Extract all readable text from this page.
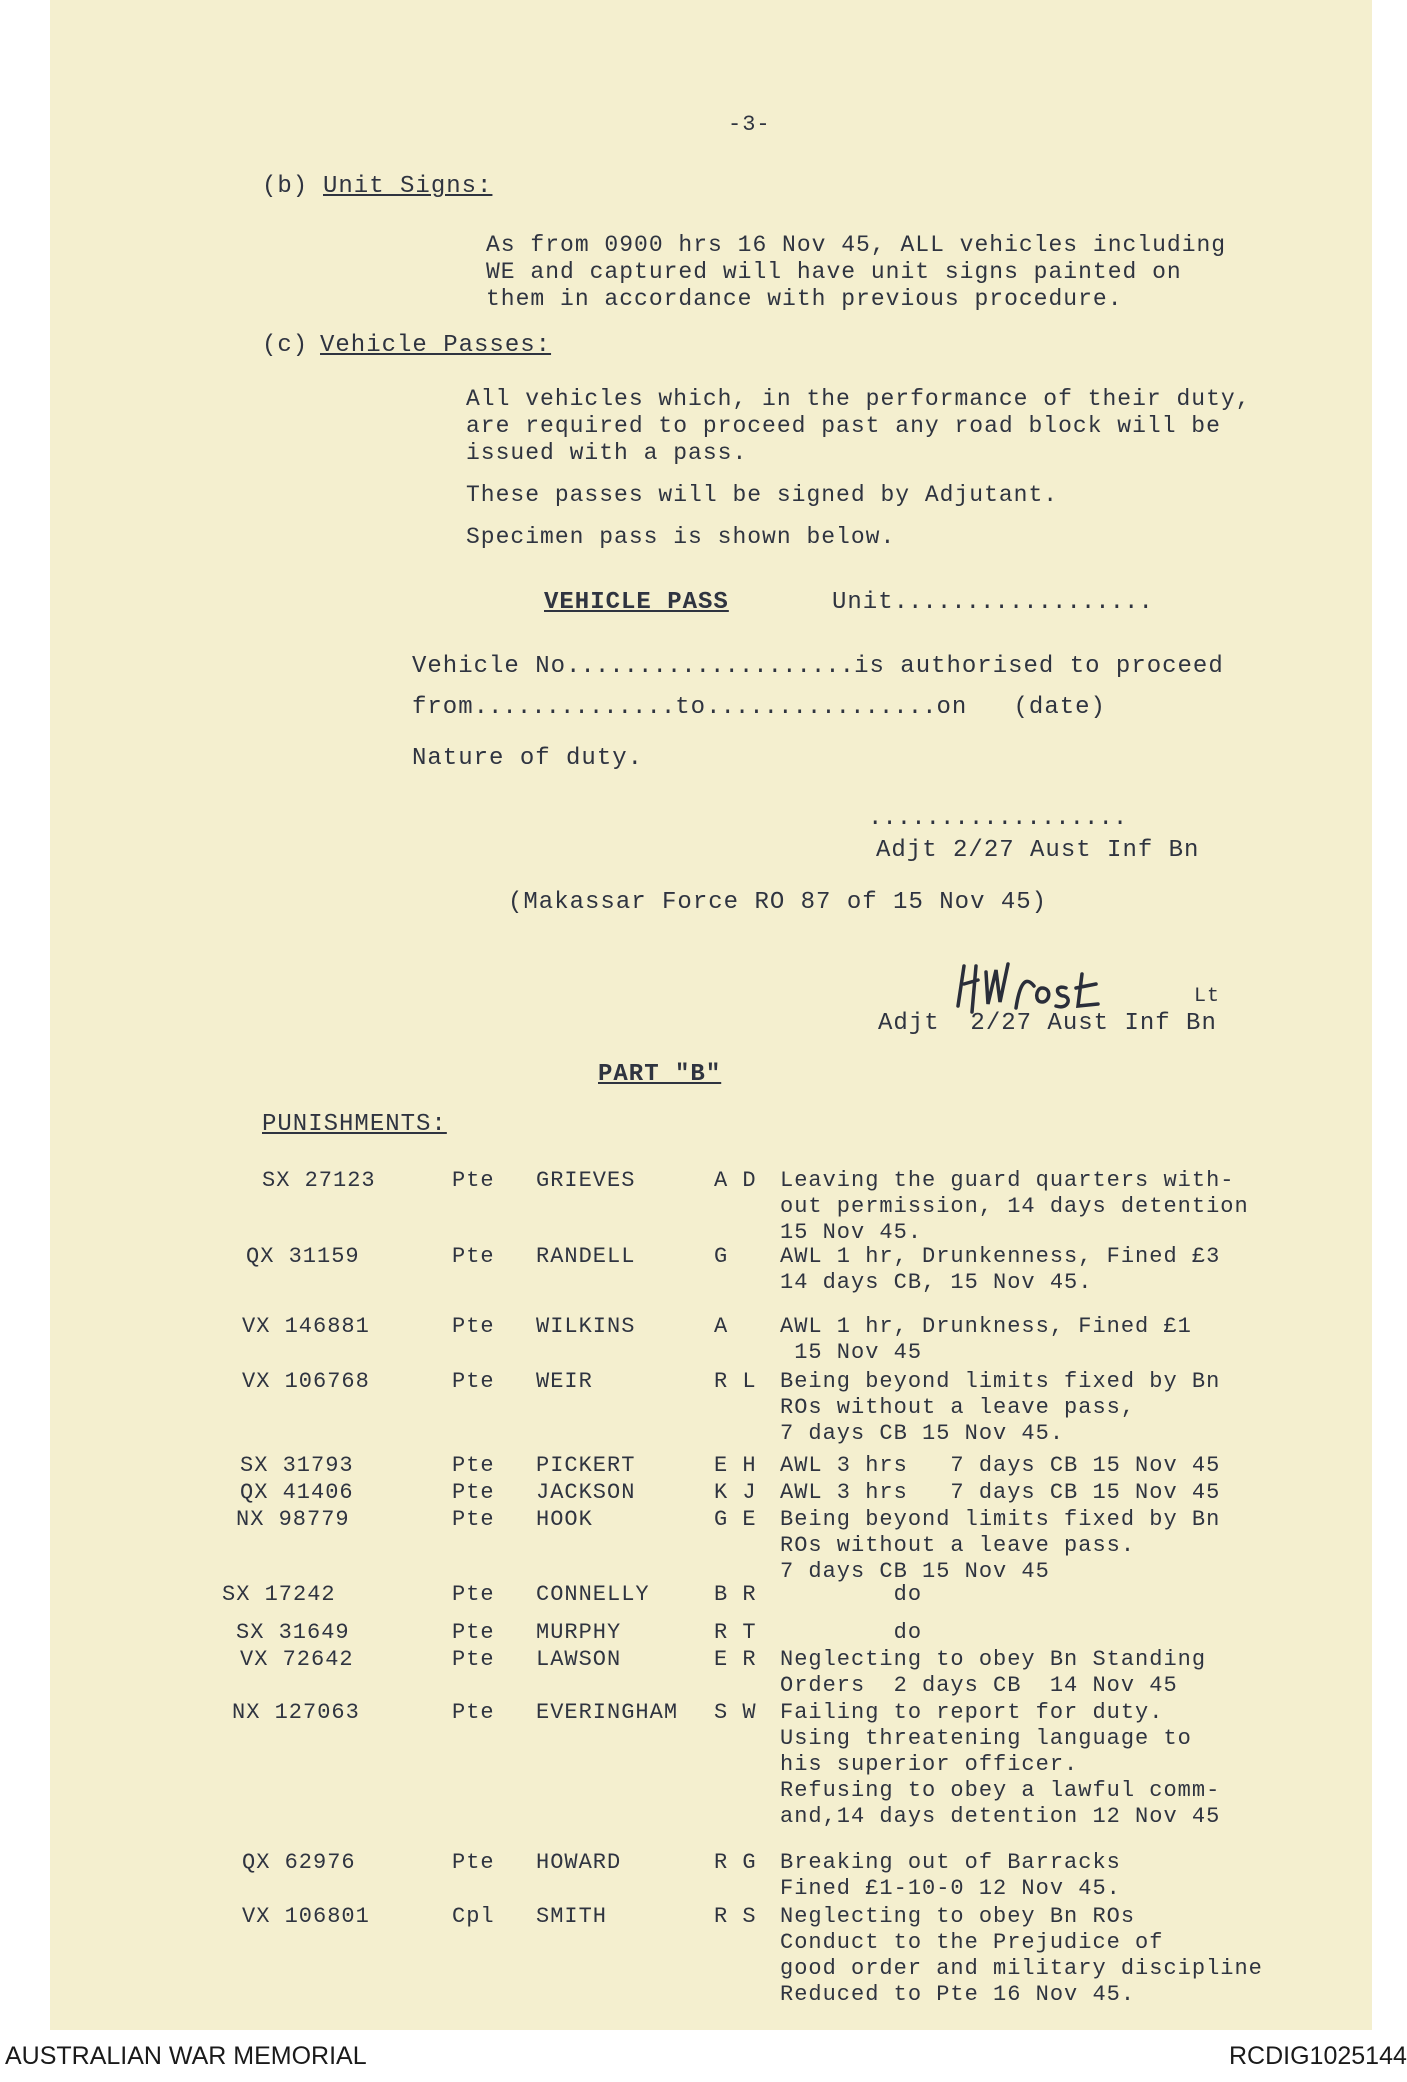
-3-
(b) Unit Signs:
As from 0900 hrs 16 Nov 45, ALL vehicles including
WE and captured will have unit signs painted on
them in accordance with previous procedure.
(c) Vehicle Passes:
All vehicles which, in the performance of their duty,
are required to proceed past any road block will be
issued with a pass.
These passes will be signed by Adjutant.
Specimen pass is shown below.
VEHICLE PASS	Unit..................
Vehicle No....................is authorised to proceed
from..............to................on (date)
Nature of duty.
..................
Adjt 2/27 Aust Inf Bn
(Makassar Force RO 87 of 15 Nov 45)
Lt
Adjt  2/27 Aust Inf Bn
PART "B"
PUNISHMENTS:
SX 27123	Pte GRIEVES	A D Leaving the guard quarters with-
out permission, 14 days detention
15 Nov 45.
QX 31159	Pte RANDELL	G AWL 1 hr, Drunkenness, Fined £3
14 days CB, 15 Nov 45.
VX 146881	Pte WILKINS	A AWL 1 hr, Drunkness, Fined £1
15 Nov 45
VX 106768	Pte WEIR	R L Being beyond limits fixed by Bn
ROs without a leave pass,
7 days CB 15 Nov 45.
SX 31793	Pte PICKERT	E H AWL 3 hrs   7 days CB 15 Nov 45
QX 41406	Pte JACKSON	K J AWL 3 hrs   7 days CB 15 Nov 45
NX 98779	Pte HOOK	G E Being beyond limits fixed by Bn
ROs without a leave pass.
7 days CB 15 Nov 45
SX 17242	Pte CONNELLY	B R do
SX 31649	Pte MURPHY	R T do
VX 72642	Pte LAWSON	E R Neglecting to obey Bn Standing
Orders  2 days CB  14 Nov 45
NX 127063	Pte EVERINGHAM S W Failing to report for duty.
Using threatening language to
his superior officer.
Refusing to obey a lawful comm-
and,14 days detention 12 Nov 45
QX 62976	Pte HOWARD	R G Breaking out of Barracks
Fined £1-10-0 12 Nov 45.
VX 106801	Cpl SMITH	R S Neglecting to obey Bn ROs
Conduct to the Prejudice of
good order and military discipline
Reduced to Pte 16 Nov 45.
AUSTRALIAN WAR MEMORIAL	RCDIG1025144
